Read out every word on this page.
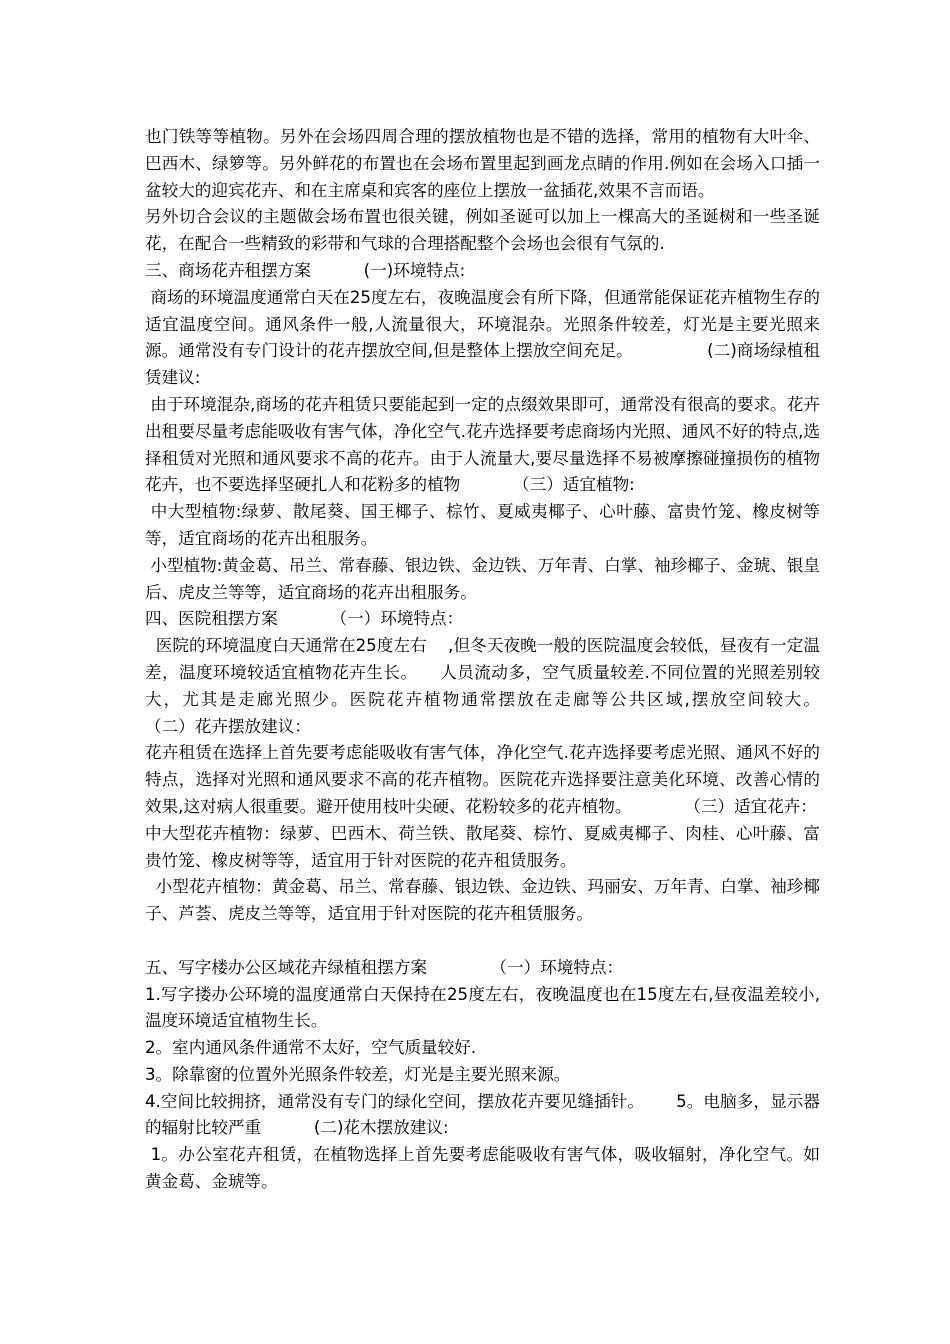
也门铁等等植物。另外在会场四周合理的摆放植物也是不错的选择，常用的植物有大叶伞、巴西木、绿箩等。另外鲜花的布置也在会场布置里起到画龙点睛的作用.例如在会场入口插一盆较大的迎宾花卉、和在主席桌和宾客的座位上摆放一盆插花,效果不言而语。

另外切合会议的主题做会场布置也很关键，例如圣诞可以加上一棵高大的圣诞树和一些圣诞花，在配合一些精致的彩带和气球的合理搭配整个会场也会很有气氛的.

三、商场花卉租摆方案          (一)环境特点:

商场的环境温度通常白天在25度左右，夜晚温度会有所下降，但通常能保证花卉植物生存的适宜温度空间。通风条件一般,人流量很大，环境混杂。光照条件较差，灯光是主要光照来源。通常没有专门设计的花卉摆放空间,但是整体上摆放空间充足。              (二)商场绿植租赁建议:

由于环境混杂,商场的花卉租赁只要能起到一定的点缀效果即可，通常没有很高的要求。花卉出租要尽量考虑能吸收有害气体，净化空气.花卉选择要考虑商场内光照、通风不好的特点,选择租赁对光照和通风要求不高的花卉。由于人流量大,要尽量选择不易被摩擦碰撞损伤的植物花卉，也不要选择坚硬扎人和花粉多的植物          （三）适宜植物:

中大型植物:绿萝、散尾葵、国王椰子、棕竹、夏威夷椰子、心叶藤、富贵竹笼、橡皮树等等，适宜商场的花卉出租服务。

小型植物:黄金葛、吊兰、常春藤、银边铁、金边铁、万年青、白掌、袖珍椰子、金琥、银皇后、虎皮兰等等，适宜商场的花卉出租服务。

四、医院租摆方案          （一）环境特点：

医院的环境温度白天通常在25度左右    ,但冬天夜晚一般的医院温度会较低，昼夜有一定温差，温度环境较适宜植物花卉生长。    人员流动多，空气质量较差.不同位置的光照差别较大，尤其是走廊光照少。医院花卉植物通常摆放在走廊等公共区域,摆放空间较大。          （二）花卉摆放建议：

花卉租赁在选择上首先要考虑能吸收有害气体，净化空气.花卉选择要考虑光照、通风不好的特点，选择对光照和通风要求不高的花卉植物。医院花卉选择要注意美化环境、改善心情的效果,这对病人很重要。避开使用枝叶尖硬、花粉较多的花卉植物。          （三）适宜花卉：

中大型花卉植物：绿萝、巴西木、荷兰铁、散尾葵、棕竹、夏威夷椰子、肉桂、心叶藤、富贵竹笼、橡皮树等等，适宜用于针对医院的花卉租赁服务。

小型花卉植物：黄金葛、吊兰、常春藤、银边铁、金边铁、玛丽安、万年青、白掌、袖珍椰子、芦荟、虎皮兰等等，适宜用于针对医院的花卉租赁服务。

五、写字楼办公区域花卉绿植租摆方案            （一）环境特点：

1.写字搂办公环境的温度通常白天保持在25度左右，夜晚温度也在15度左右,昼夜温差较小,温度环境适宜植物生长。

2。室内通风条件通常不太好，空气质量较好.

3。除靠窗的位置外光照条件较差，灯光是主要光照来源。

4.空间比较拥挤，通常没有专门的绿化空间，摆放花卉要见缝插针。      5。电脑多，显示器的辐射比较严重          (二)花木摆放建议:

1。办公室花卉租赁，在植物选择上首先要考虑能吸收有害气体，吸收辐射，净化空气。如黄金葛、金琥等。
